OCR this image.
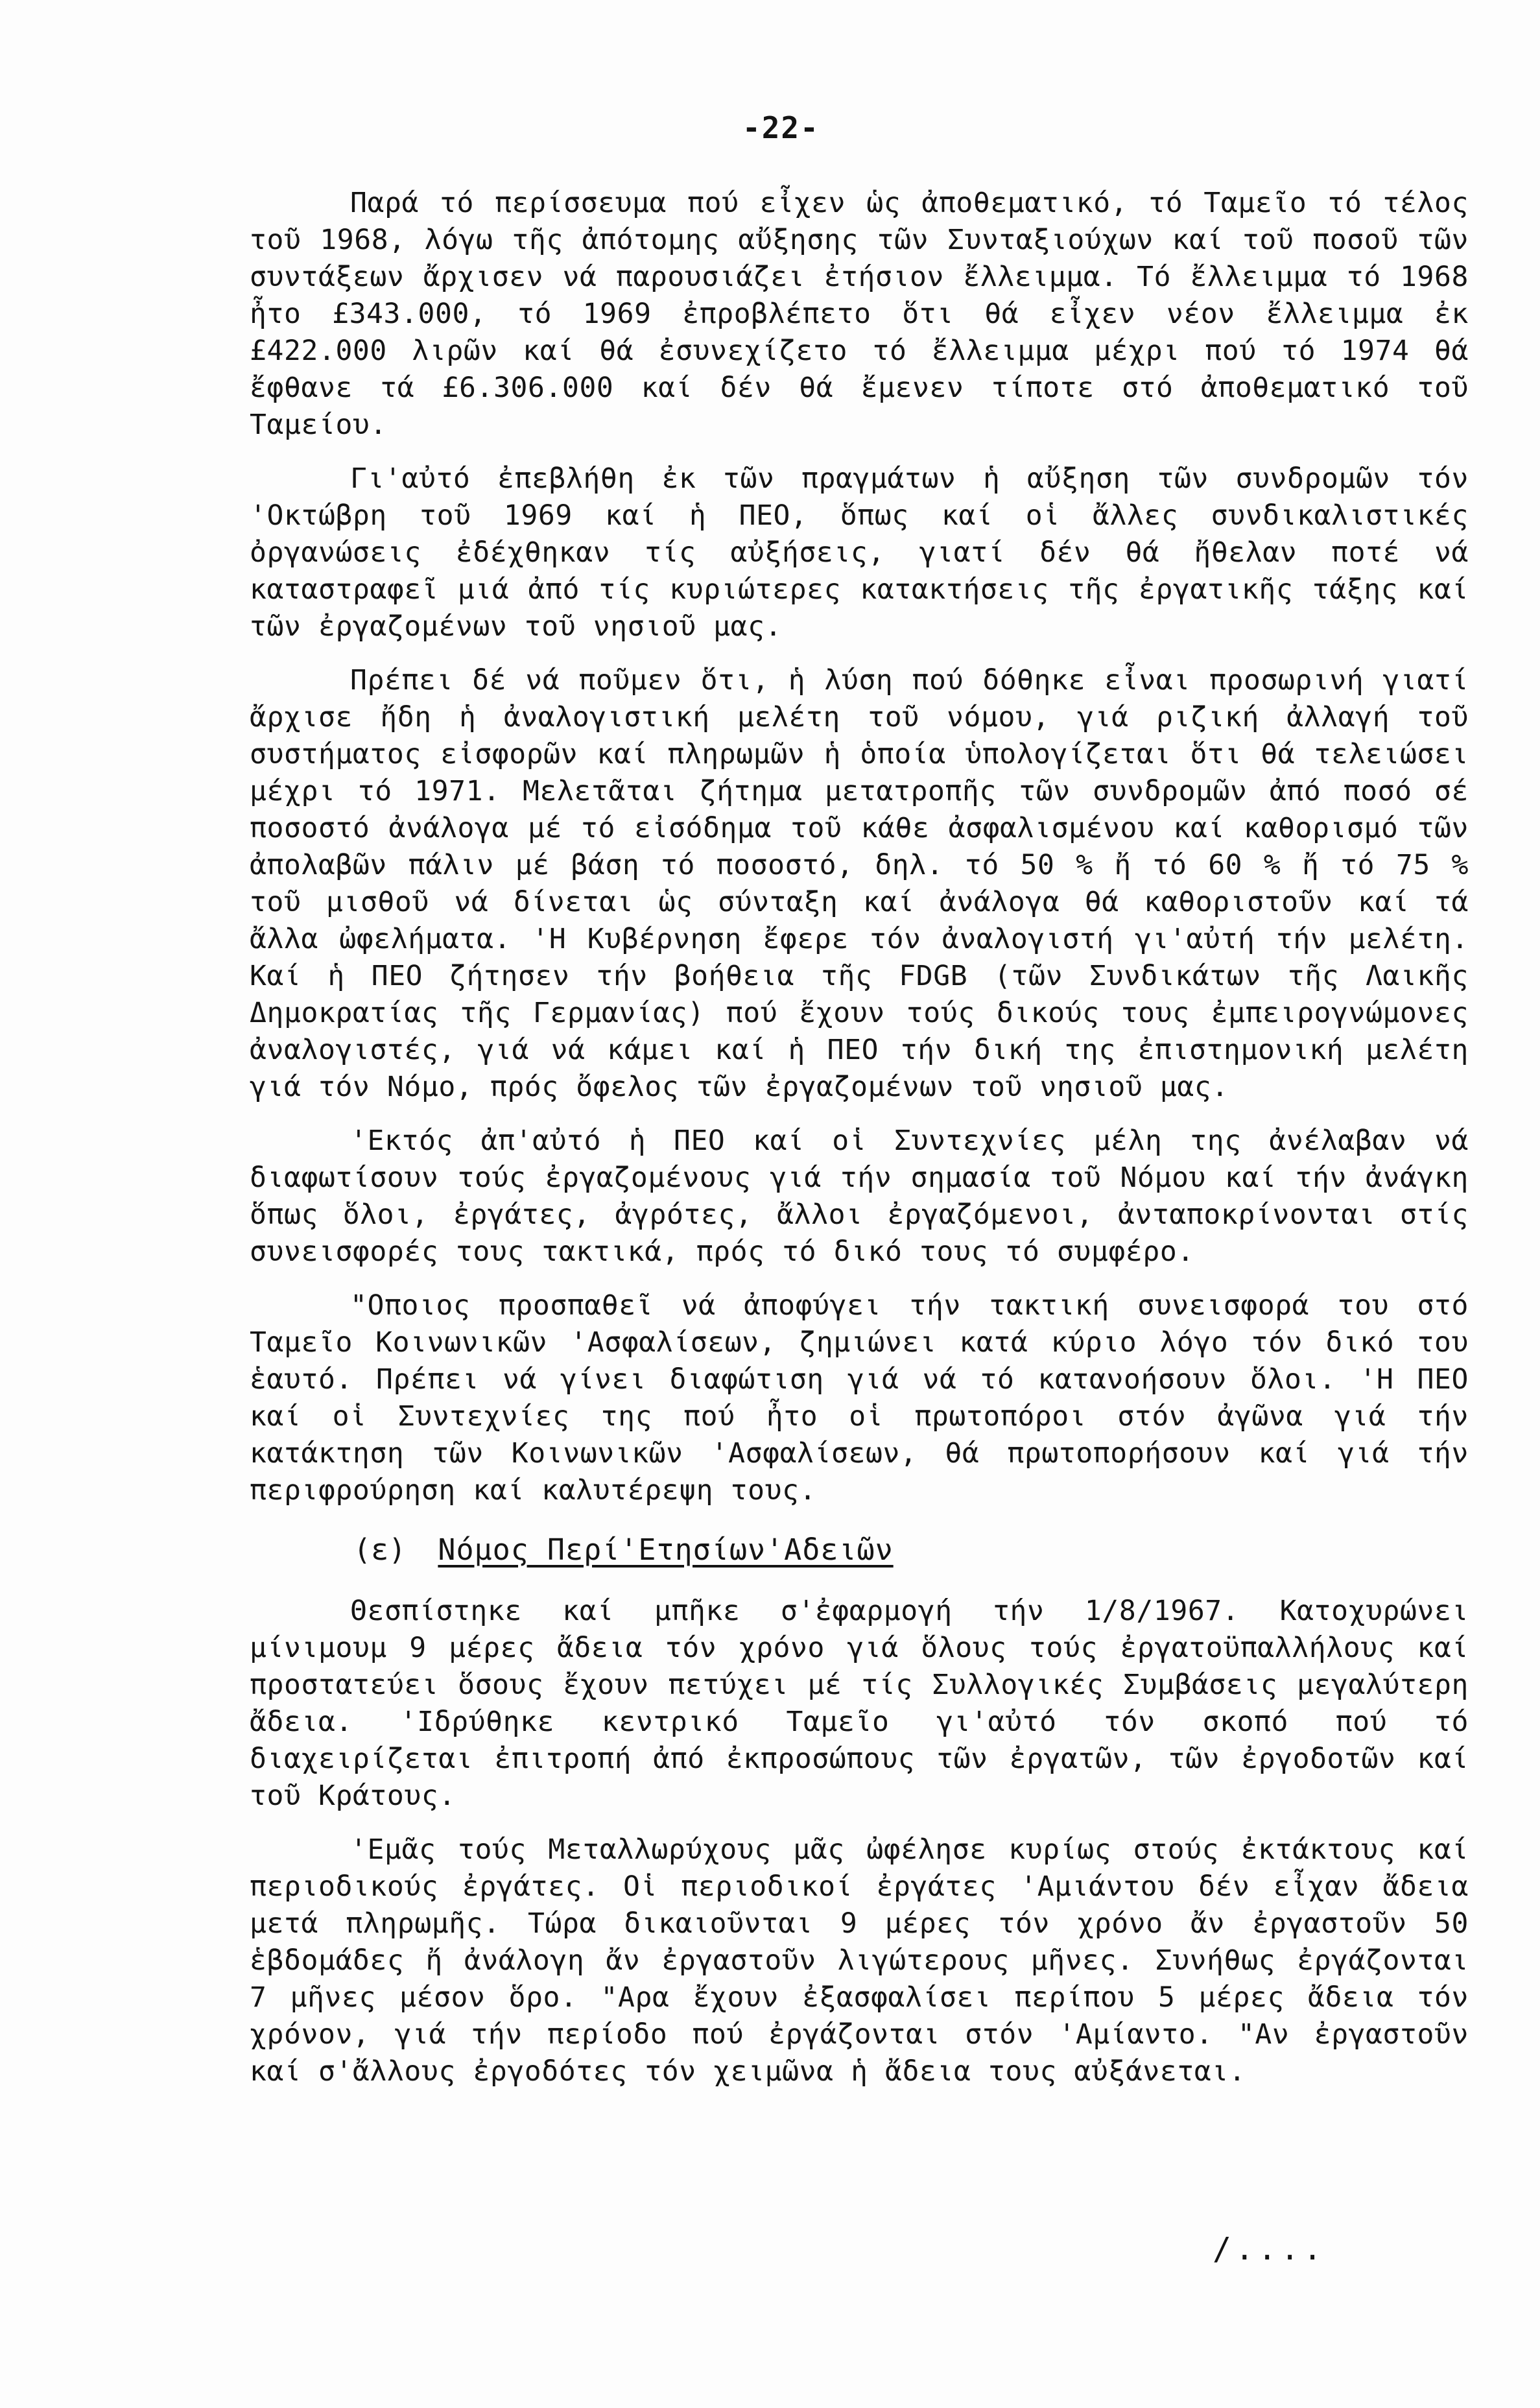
-22-

Παρά τό περίσσευμα πού εἶχεν ὡς ἀποθεματικό, τό Ταμεῖο τό τέλος τοῦ 1968, λόγω τῆς ἀπότομης αὔξησης τῶν Συνταξιούχων καί τοῦ ποσοῦ τῶν συντάξεων ἄρχισεν νά παρουσιάζει ἐτήσιον ἔλλειμμα. Τό ἔλλειμμα τό 1968 ἦτο £343.000, τό 1969 ἐπροβλέπετο ὅτι θά εἶχεν νέον ἔλλειμμα ἐκ £422.000 λιρῶν καί θά ἐσυνεχίζετο τό ἔλλειμμα μέχρι πού τό 1974 θά ἔφθανε τά £6.306.000 καί δέν θά ἔμενεν τίποτε στό ἀποθεματικό τοῦ Ταμείου.

Γι'αὐτό ἐπεβλήθη ἐκ τῶν πραγμάτων ἡ αὔξηση τῶν συνδρομῶν τόν 'Οκτώβρη τοῦ 1969 καί ἡ ΠΕΟ, ὅπως καί οἱ ἄλλες συνδικαλιστικές ὀργανώσεις ἐδέχθηκαν τίς αὐξήσεις, γιατί δέν θά ἤθελαν ποτέ νά καταστραφεῖ μιά ἀπό τίς κυριώτερες κατακτήσεις τῆς ἐργατικῆς τάξης καί τῶν ἐργαζομένων τοῦ νησιοῦ μας.

Πρέπει δέ νά ποῦμεν ὅτι, ἡ λύση πού δόθηκε εἶναι προσωρινή γιατί ἄρχισε ἤδη ἡ ἀναλογιστική μελέτη τοῦ νόμου, γιά ριζική ἀλλαγή τοῦ συστήματος εἰσφορῶν καί πληρωμῶν ἡ ὁποία ὑπολογίζεται ὅτι θά τελειώσει μέχρι τό 1971. Μελετᾶται ζήτημα μετατροπῆς τῶν συνδρομῶν ἀπό ποσό σέ ποσοστό ἀνάλογα μέ τό εἰσόδημα τοῦ κάθε ἀσφαλισμένου καί καθορισμό τῶν ἀπολαβῶν πάλιν μέ βάση τό ποσοστό, δηλ. τό 50 % ἤ τό 60 % ἤ τό 75 % τοῦ μισθοῦ νά δίνεται ὡς σύνταξη καί ἀνάλογα θά καθοριστοῦν καί τά ἄλλα ὠφελήματα. 'Η Κυβέρνηση ἔφερε τόν ἀναλογιστή γι'αὐτή τήν μελέτη. Καί ἡ ΠΕΟ ζήτησεν τήν βοήθεια τῆς FDGB (τῶν Συνδικάτων τῆς Λαικῆς Δημοκρατίας τῆς Γερμανίας) πού ἔχουν τούς δικούς τους ἐμπειρογνώμονες ἀναλογιστές, γιά νά κάμει καί ἡ ΠΕΟ τήν δική της ἐπιστημονική μελέτη γιά τόν Νόμο, πρός ὄφελος τῶν ἐργαζομένων τοῦ νησιοῦ μας.

'Εκτός ἀπ'αὐτό ἡ ΠΕΟ καί οἱ Συντεχνίες μέλη της ἀνέλαβαν νά διαφωτίσουν τούς ἐργαζομένους γιά τήν σημασία τοῦ Νόμου καί τήν ἀνάγκη ὅπως ὅλοι, ἐργάτες, ἀγρότες, ἄλλοι ἐργαζόμενοι, ἀνταποκρίνονται στίς συνεισφορές τους τακτικά, πρός τό δικό τους τό συμφέρο.

"Οποιος προσπαθεῖ νά ἀποφύγει τήν τακτική συνεισφορά του στό Ταμεῖο Κοινωνικῶν 'Ασφαλίσεων, ζημιώνει κατά κύριο λόγο τόν δικό του ἑαυτό. Πρέπει νά γίνει διαφώτιση γιά νά τό κατανοήσουν ὅλοι. 'Η ΠΕΟ καί οἱ Συντεχνίες της πού ἦτο οἱ πρωτοπόροι στόν ἀγῶνα γιά τήν κατάκτηση τῶν Κοινωνικῶν 'Ασφαλίσεων, θά πρωτοπορήσουν καί γιά τήν περιφρούρηση καί καλυτέρεψη τους.

(ε) Νόμος Περί'Ετησίων'Αδειῶν

Θεσπίστηκε καί μπῆκε σ'ἐφαρμογή τήν 1/8/1967. Κατοχυρώνει μίνιμουμ 9 μέρες ἄδεια τόν χρόνο γιά ὅλους τούς ἐργατοϋπαλλήλους καί προστατεύει ὅσους ἔχουν πετύχει μέ τίς Συλλογικές Συμβάσεις μεγαλύτερη ἄδεια. 'Ιδρύθηκε κεντρικό Ταμεῖο γι'αὐτό τόν σκοπό πού τό διαχειρίζεται ἐπιτροπή ἀπό ἐκπροσώπους τῶν ἐργατῶν, τῶν ἐργοδοτῶν καί τοῦ Κράτους.

'Εμᾶς τούς Μεταλλωρύχους μᾶς ὠφέλησε κυρίως στούς ἐκτάκτους καί περιοδικούς ἐργάτες. Οἱ περιοδικοί ἐργάτες 'Αμιάντου δέν εἶχαν ἄδεια μετά πληρωμῆς. Τώρα δικαιοῦνται 9 μέρες τόν χρόνο ἄν ἐργαστοῦν 50 ἑβδομάδες ἤ ἀνάλογη ἄν ἐργαστοῦν λιγώτερους μῆνες. Συνήθως ἐργάζονται 7 μῆνες μέσον ὅρο. "Αρα ἔχουν ἐξασφαλίσει περίπου 5 μέρες ἄδεια τόν χρόνον, γιά τήν περίοδο πού ἐργάζονται στόν 'Αμίαντο. "Αν ἐργαστοῦν καί σ'ἄλλους ἐργοδότες τόν χειμῶνα ἡ ἄδεια τους αὐξάνεται.

/....
